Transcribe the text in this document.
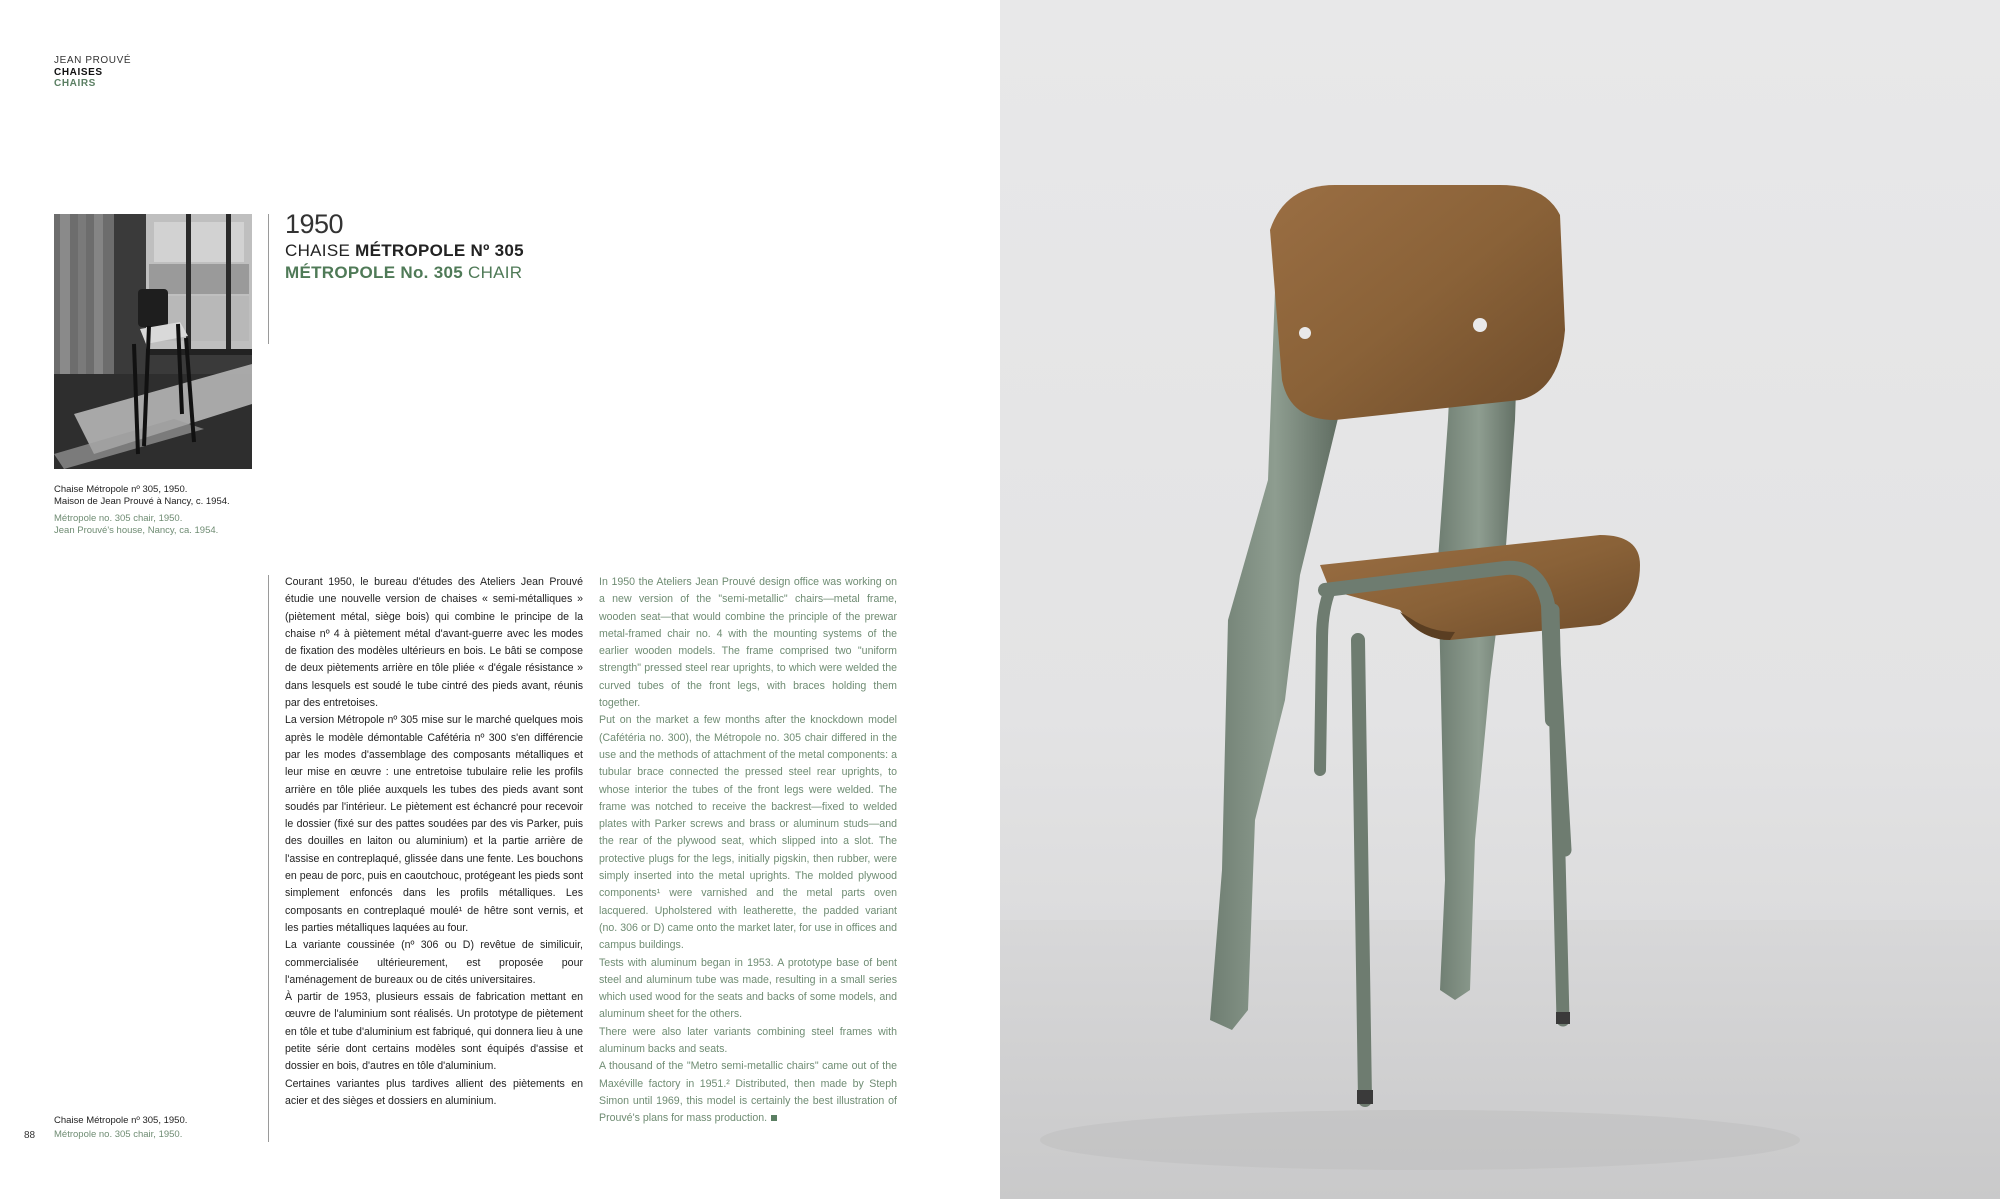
JEAN PROUVÉ
CHAISES
CHAIRS
Chaise Métropole nº 305, 1950.
Maison de Jean Prouvé à Nancy, c. 1954.
Métropole no. 305 chair, 1950.
Jean Prouvé's house, Nancy, ca. 1954.
1950
CHAISE MÉTROPOLE Nº 305
MÉTROPOLE No. 305 CHAIR

Courant 1950, le bureau d'études des Ateliers Jean Prouvé étudie une nouvelle version de chaises « semi-métalliques » (piètement métal, siège bois) qui combine le principe de la chaise nº 4 à piètement métal d'avant-guerre avec les modes de fixation des modèles ultérieurs en bois. Le bâti se compose de deux piètements arrière en tôle pliée « d'égale résistance » dans lesquels est soudé le tube cintré des pieds avant, réunis par des entretoises.

La version Métropole nº 305 mise sur le marché quelques mois après le modèle démontable Cafétéria nº 300 s'en différencie par les modes d'assemblage des composants métalliques et leur mise en œuvre : une entretoise tubulaire relie les profils arrière en tôle pliée auxquels les tubes des pieds avant sont soudés par l'intérieur. Le piètement est échancré pour recevoir le dossier (fixé sur des pattes soudées par des vis Parker, puis des douilles en laiton ou aluminium) et la partie arrière de l'assise en contreplaqué, glissée dans une fente. Les bouchons en peau de porc, puis en caoutchouc, protégeant les pieds sont simplement enfoncés dans les profils métalliques. Les composants en contreplaqué moulé¹ de hêtre sont vernis, et les parties métalliques laquées au four.

La variante coussinée (nº 306 ou D) revêtue de similicuir, commercialisée ultérieurement, est proposée pour l'aménagement de bureaux ou de cités universitaires.

À partir de 1953, plusieurs essais de fabrication mettant en œuvre de l'aluminium sont réalisés. Un prototype de piètement en tôle et tube d'aluminium est fabriqué, qui donnera lieu à une petite série dont certains modèles sont équipés d'assise et dossier en bois, d'autres en tôle d'aluminium.

Certaines variantes plus tardives allient des piètements en acier et des sièges et dossiers en aluminium.

In 1950 the Ateliers Jean Prouvé design office was working on a new version of the "semi-metallic" chairs—metal frame, wooden seat—that would combine the principle of the prewar metal-framed chair no. 4 with the mounting systems of the earlier wooden models. The frame comprised two "uniform strength" pressed steel rear uprights, to which were welded the curved tubes of the front legs, with braces holding them together.

Put on the market a few months after the knockdown model (Cafétéria no. 300), the Métropole no. 305 chair differed in the use and the methods of attachment of the metal components: a tubular brace connected the pressed steel rear uprights, to whose interior the tubes of the front legs were welded. The frame was notched to receive the backrest—fixed to welded plates with Parker screws and brass or aluminum studs—and the rear of the plywood seat, which slipped into a slot. The protective plugs for the legs, initially pigskin, then rubber, were simply inserted into the metal uprights. The molded plywood components¹ were varnished and the metal parts oven lacquered. Upholstered with leatherette, the padded variant (no. 306 or D) came onto the market later, for use in offices and campus buildings.

Tests with aluminum began in 1953. A prototype base of bent steel and aluminum tube was made, resulting in a small series which used wood for the seats and backs of some models, and aluminum sheet for the others.

There were also later variants combining steel frames with aluminum backs and seats.

A thousand of the "Metro semi-metallic chairs" came out of the Maxéville factory in 1951.² Distributed, then made by Steph Simon until 1969, this model is certainly the best illustration of Prouvé's plans for mass production.

Chaise Métropole nº 305, 1950.
Métropole no. 305 chair, 1950.
88
